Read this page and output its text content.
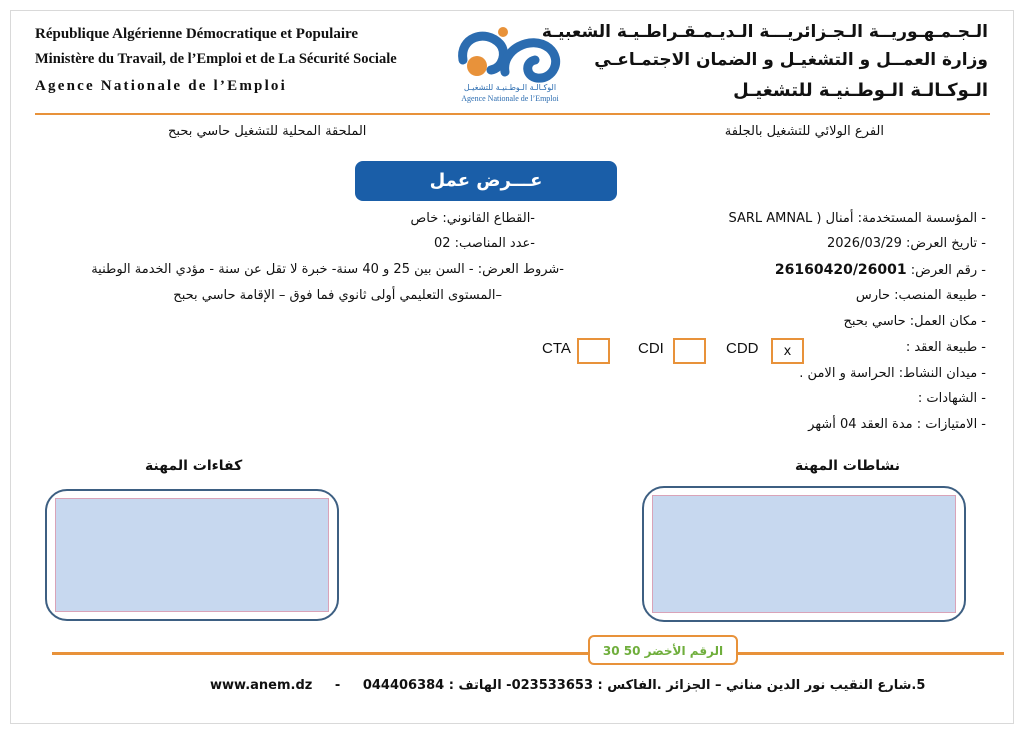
République Algérienne Démocratique et Populaire
Ministère du Travail, de l’Emploi et de La Sécurité Sociale
Agence Nationale de l’Emploi	الوكـالـة الـوطـنيـة للتشغيـل
Agence Nationale de l’Emploi
الـجـمـهـوريــة الـجـزائريـــة الـديـمـقـراطـيـة الشعبيـة
وزارة العمــل و التشغيـل و الضمان الاجتمـاعـي
الـوكـالـة الـوطـنيـة للتشغيـل
الفرع الولائي للتشغيل بالجلفة
الملحقة المحلية للتشغيل حاسي بحبح
عـــرض عمل
- المؤسسة المستخدمة: أمنال ( SARL AMNAL
- تاريخ العرض: 2026/03/29
- رقم العرض: 26160420/26001
- طبيعة المنصب: حارس
- مكان العمل: حاسي بحبح
- طبيعة العقد :
- ميدان النشاط: الحراسة و الامن .
- الشهادات :
- الامتيازات : مدة العقد 04 أشهر
-القطاع القانوني: خاص
-عدد المناصب: 02
-شروط العرض: - السن بين 25 و 40 سنة- خبرة لا تقل عن سنة - مؤدي الخدمة الوطنية
–المستوى التعليمي أولى ثانوي فما فوق – الإقامة حاسي بحبح
CDD	x
CDI
CTA
نشاطات المهنة
كفاءات المهنة
الرقم الأخضر 50 30
www.anem.dz - 5.شارع النقيب نور الدين مناني – الجزائر .الفاكس : 023533653- الهاتف : 044406384
